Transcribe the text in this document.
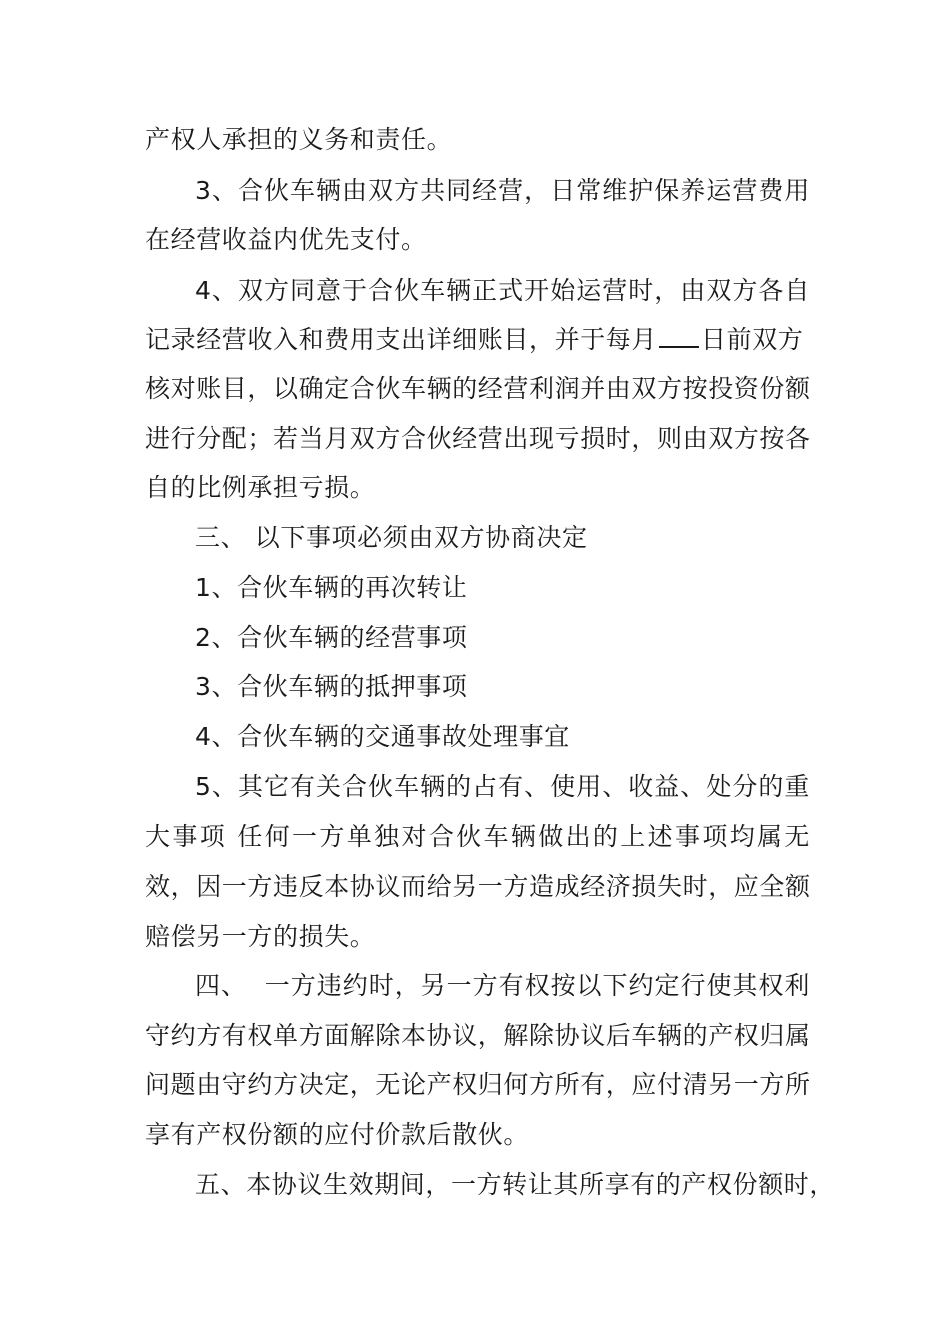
产权人承担的义务和责任。
3、合伙车辆由双方共同经营，日常维护保养运营费用
在经营收益内优先支付。
4、双方同意于合伙车辆正式开始运营时，由双方各自
记录经营收入和费用支出详细账目，并于每月 日前双方
核对账目，以确定合伙车辆的经营利润并由双方按投资份额
进行分配；若当月双方合伙经营出现亏损时，则由双方按各
自的比例承担亏损。
三、 以下事项必须由双方协商决定
1、合伙车辆的再次转让
2、合伙车辆的经营事项
3、合伙车辆的抵押事项
4、合伙车辆的交通事故处理事宜
5、其它有关合伙车辆的占有、使用、收益、处分的重
大事项 任何一方单独对合伙车辆做出的上述事项均属无
效，因一方违反本协议而给另一方造成经济损失时，应全额
赔偿另一方的损失。
四、  一方违约时，另一方有权按以下约定行使其权利
守约方有权单方面解除本协议，解除协议后车辆的产权归属
问题由守约方决定，无论产权归何方所有，应付清另一方所
享有产权份额的应付价款后散伙。
五、本协议生效期间，一方转让其所享有的产权份额时，
